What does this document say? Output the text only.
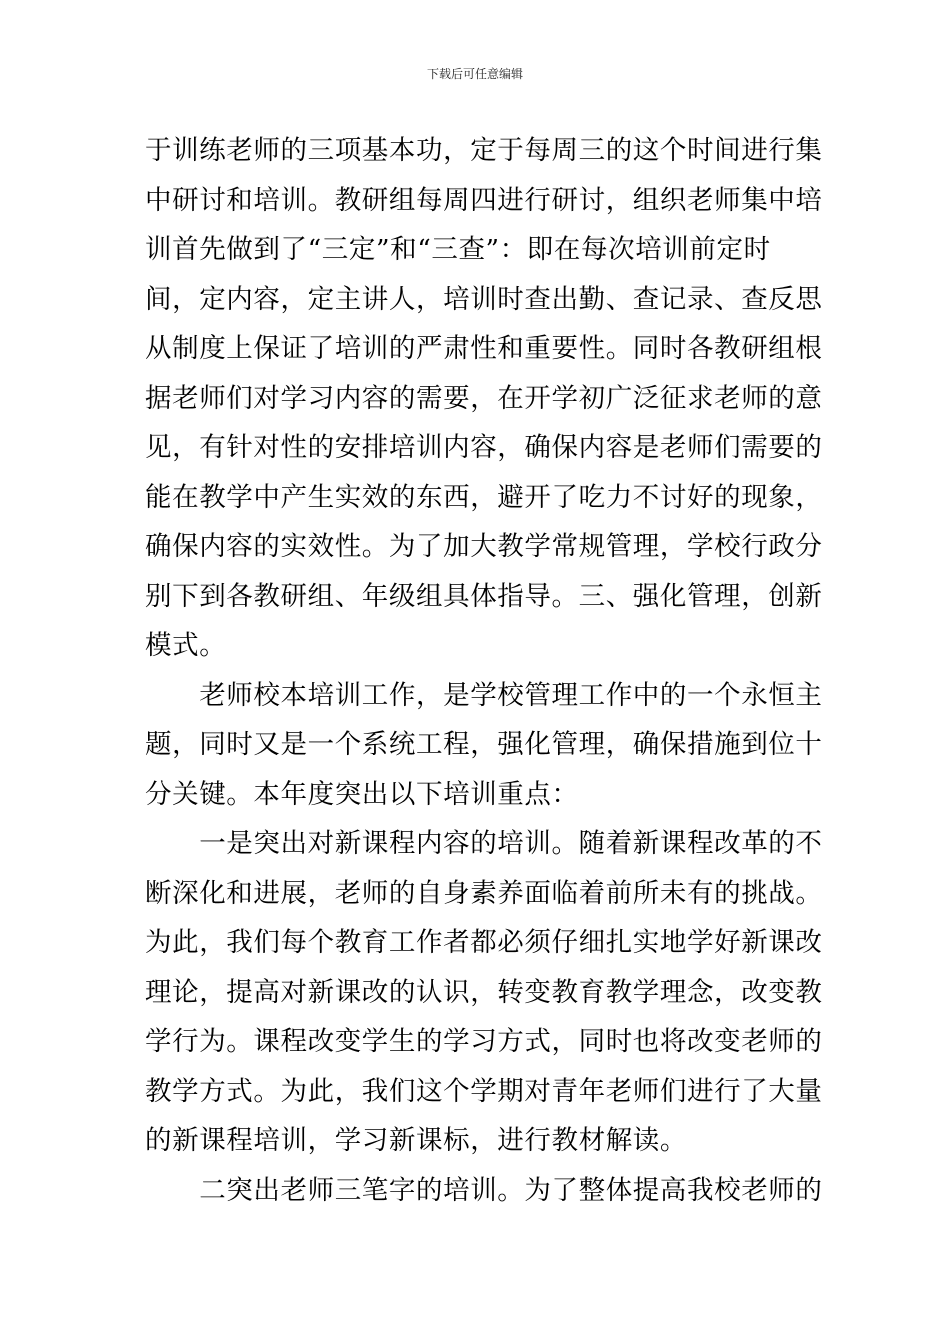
下载后可任意编辑
于训练老师的三项基本功，定于每周三的这个时间进行集
中研讨和培训。教研组每周四进行研讨，组织老师集中培
训首先做到了“三定”和“三查”：即在每次培训前定时
间，定内容，定主讲人，培训时查出勤、查记录、查反思
从制度上保证了培训的严肃性和重要性。同时各教研组根
据老师们对学习内容的需要，在开学初广泛征求老师的意
见，有针对性的安排培训内容，确保内容是老师们需要的
能在教学中产生实效的东西，避开了吃力不讨好的现象，
确保内容的实效性。为了加大教学常规管理，学校行政分
别下到各教研组、年级组具体指导。三、强化管理，创新
模式。
　　老师校本培训工作，是学校管理工作中的一个永恒主
题，同时又是一个系统工程，强化管理，确保措施到位十
分关键。本年度突出以下培训重点：
　　一是突出对新课程内容的培训。随着新课程改革的不
断深化和进展，老师的自身素养面临着前所未有的挑战。
为此，我们每个教育工作者都必须仔细扎实地学好新课改
理论，提高对新课改的认识，转变教育教学理念，改变教
学行为。课程改变学生的学习方式，同时也将改变老师的
教学方式。为此，我们这个学期对青年老师们进行了大量
的新课程培训，学习新课标，进行教材解读。
　　二突出老师三笔字的培训。为了整体提高我校老师的
